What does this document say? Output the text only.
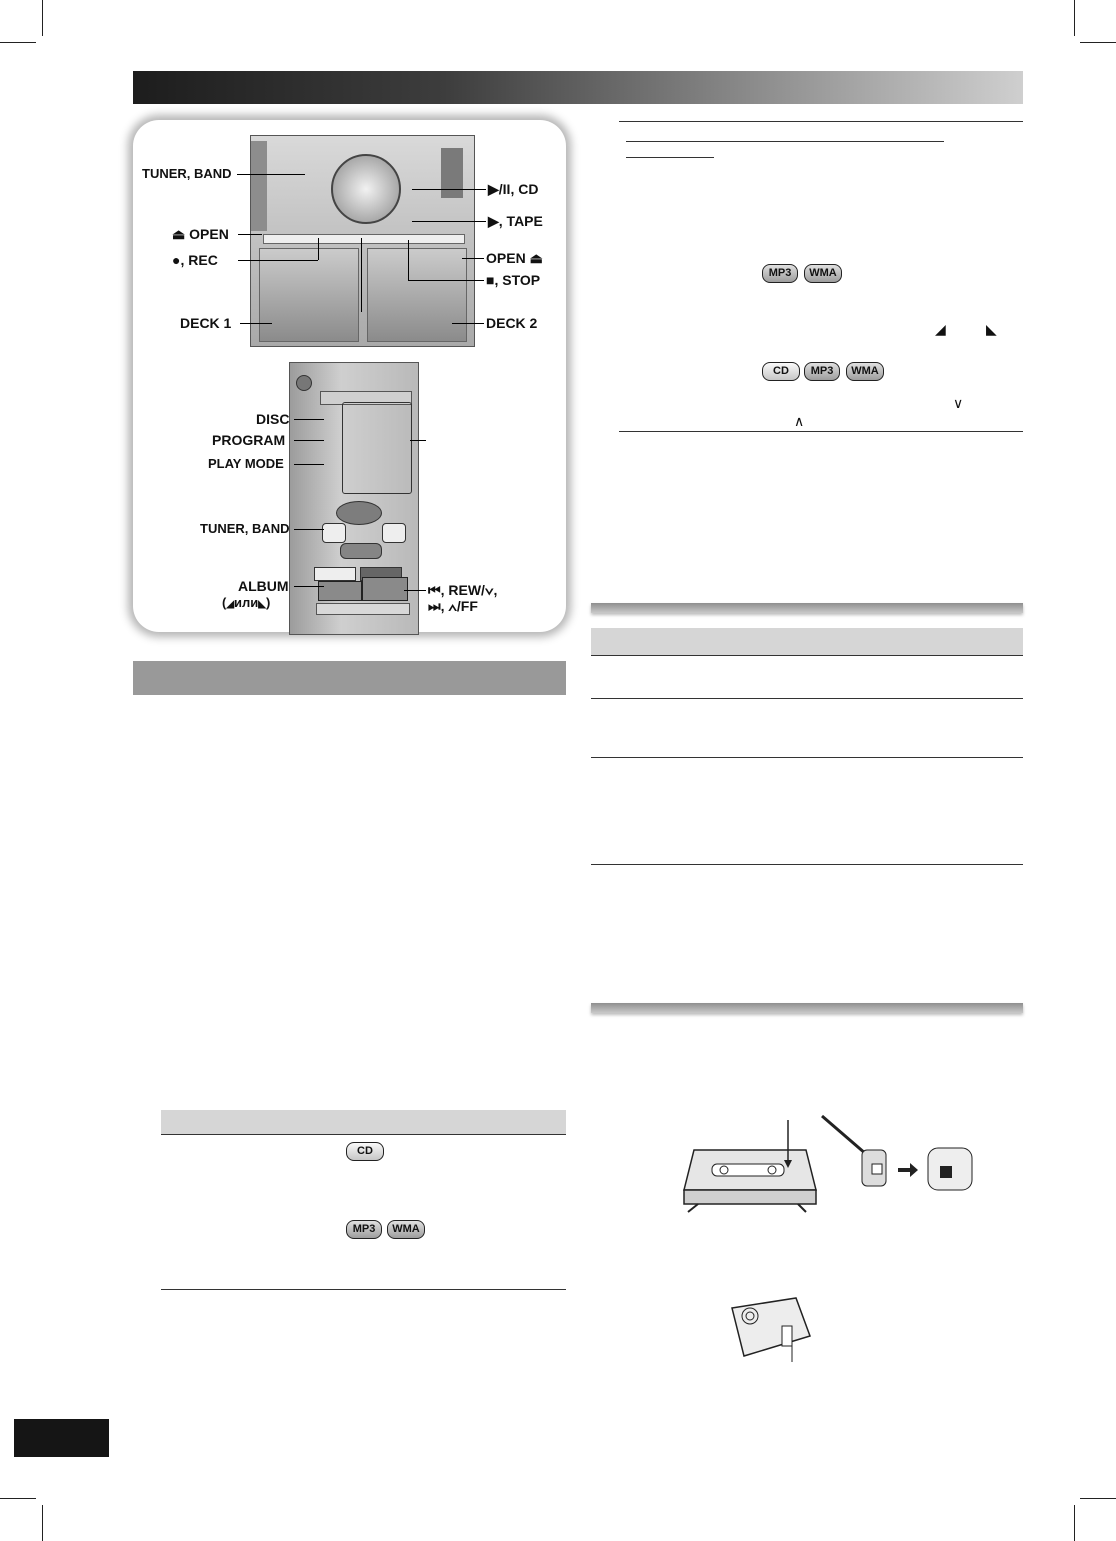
TUNER, BAND
⏏ OPEN
●, REC
DECK 1
▶/II, CD
▶, TAPE
OPEN ⏏
■, STOP
DECK 2
DISC
PROGRAM
PLAY MODE
TUNER, BAND
ALBUM
(◢или◣)
⏮, REW/∨,
⏭, ∧/FF
CD
MP3	WMA
MP3	WMA
◢	◣
CD	MP3	WMA
∨
∧
